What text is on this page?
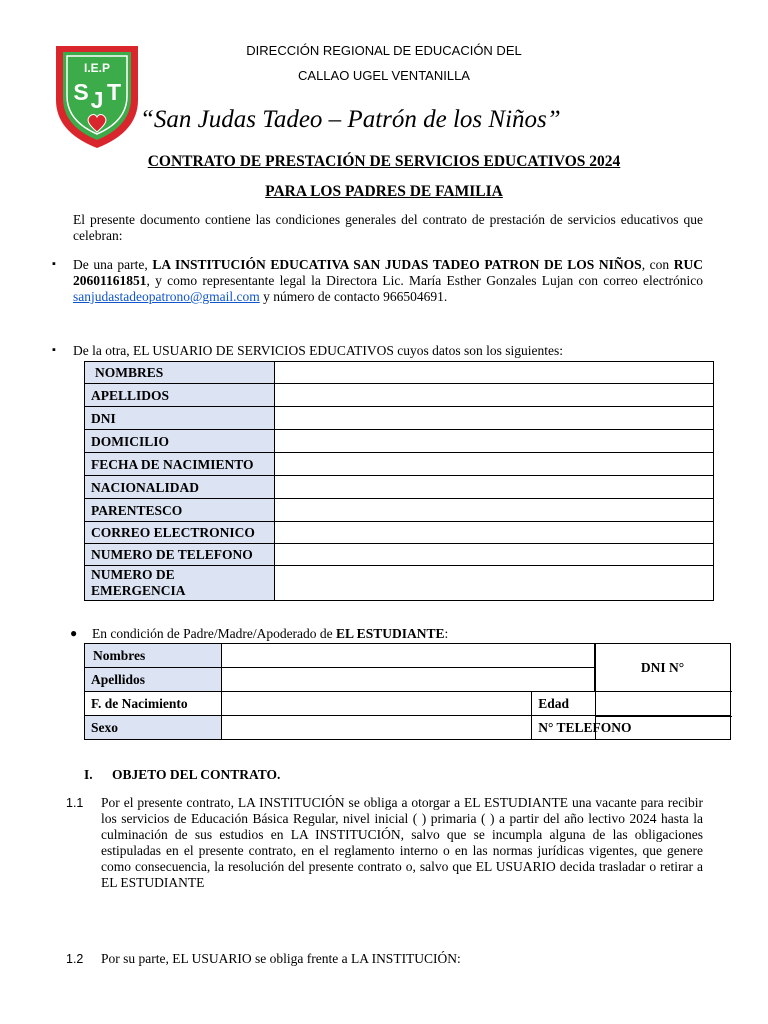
DIRECCIÓN REGIONAL DE EDUCACIÓN DEL
CALLAO UGEL VENTANILLA
I.E.P
S J T
“San Judas Tadeo – Patrón de los Niños”
CONTRATO DE PRESTACIÓN DE SERVICIOS EDUCATIVOS 2024
PARA LOS PADRES DE FAMILIA
El presente documento contiene las condiciones generales del contrato de prestación de servicios educativos que celebran:
▪ De una parte, LA INSTITUCIÓN EDUCATIVA SAN JUDAS TADEO PATRON DE LOS NIÑOS, con RUC 20601161851, y como representante legal la Directora Lic. María Esther Gonzales Lujan con correo electrónico sanjudastadeopatrono@gmail.com y número de contacto 966504691.
▪ De la otra, EL USUARIO DE SERVICIOS EDUCATIVOS cuyos datos son los siguientes:
NOMBRES	
APELLIDOS	
DNI	
DOMICILIO	
FECHA DE NACIMIENTO	
NACIONALIDAD	
PARENTESCO	
CORREO ELECTRONICO	
NUMERO DE TELEFONO	
NUMERO DE EMERGENCIA	
● En condición de Padre/Madre/Apoderado de EL ESTUDIANTE:
Nombres			DNI N°
Apellidos			
F. de Nacimiento		Edad	
Sexo		N° TELEFONO	
I. OBJETO DEL CONTRATO.
1.1 Por el presente contrato, LA INSTITUCIÓN se obliga a otorgar a EL ESTUDIANTE una vacante para recibir los servicios de Educación Básica Regular, nivel inicial ( ) primaria ( ) a partir del año lectivo 2024 hasta la culminación de sus estudios en LA INSTITUCIÓN, salvo que se incumpla alguna de las obligaciones estipuladas en el presente contrato, en el reglamento interno o en las normas jurídicas vigentes, que genere como consecuencia, la resolución del presente contrato o, salvo que EL USUARIO decida trasladar o retirar a EL ESTUDIANTE
1.2 Por su parte, EL USUARIO se obliga frente a LA INSTITUCIÓN:
